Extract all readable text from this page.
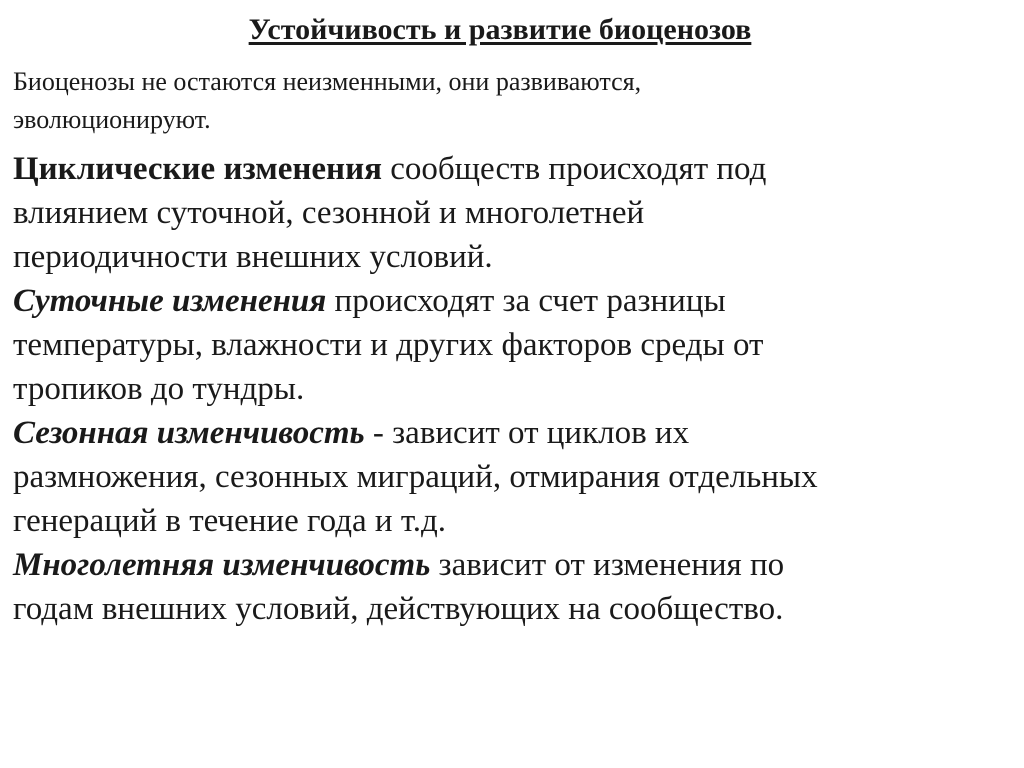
Устойчивость и развитие биоценозов
Биоценозы не остаются неизменными, они развиваются,
эволюционируют.
Циклические изменения сообществ происходят под
влиянием суточной, сезонной и многолетней
периодичности внешних условий.
Суточные изменения происходят за счет разницы
температуры, влажности и других факторов среды от
тропиков до тундры.
Сезонная изменчивость - зависит от циклов их
размножения, сезонных миграций, отмирания отдельных
генераций в течение года и т.д.
Многолетняя изменчивость зависит от изменения по
годам внешних условий, действующих на сообщество.
